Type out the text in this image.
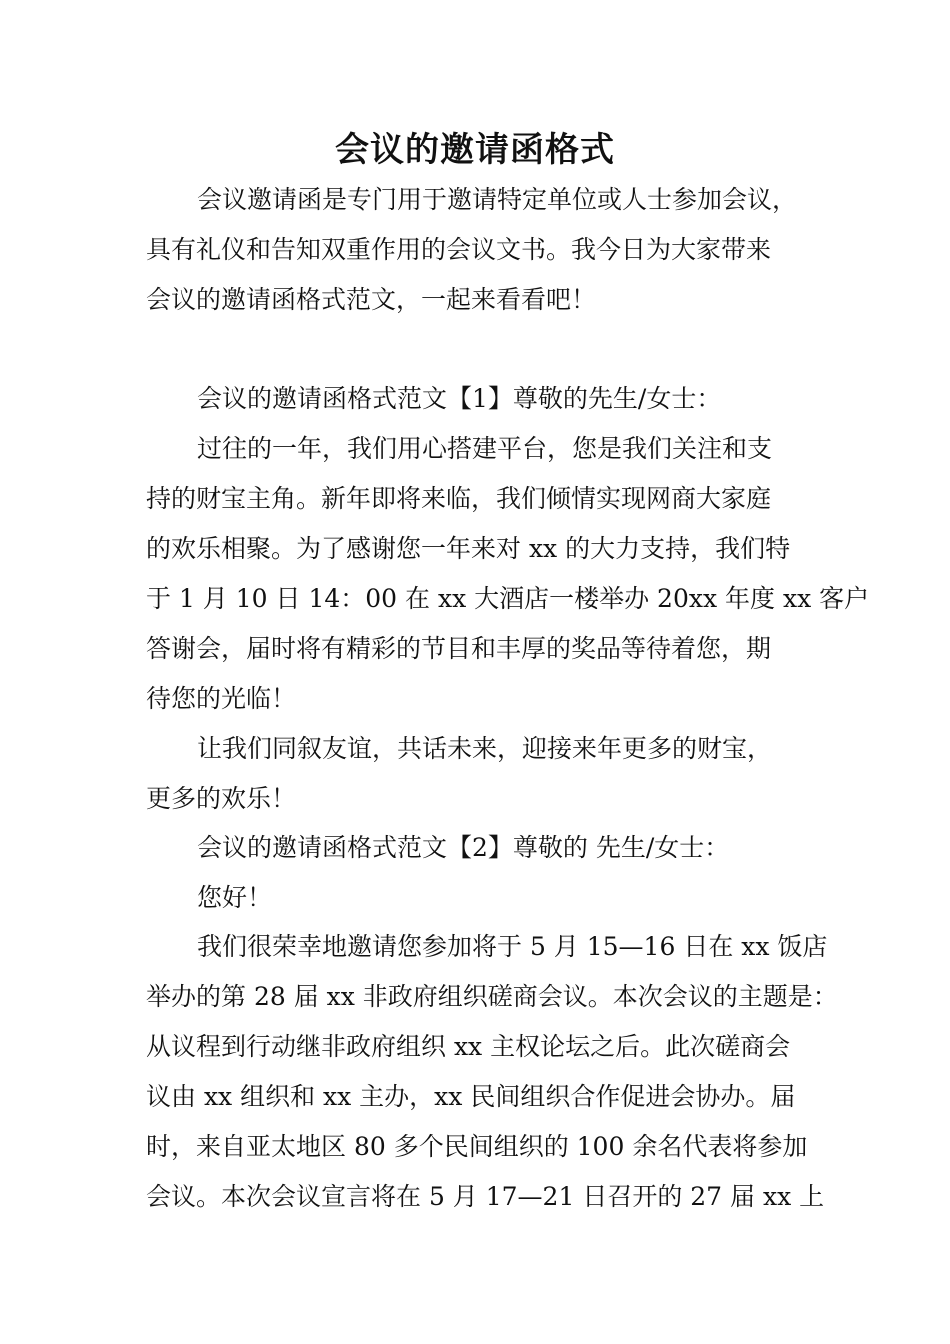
会议的邀请函格式
会议邀请函是专门用于邀请特定单位或人士参加会议，
具有礼仪和告知双重作用的会议文书。我今日为大家带来
会议的邀请函格式范文，一起来看看吧！
会议的邀请函格式范文【1】尊敬的先生/女士：
过往的一年，我们用心搭建平台，您是我们关注和支
持的财宝主角。新年即将来临，我们倾情实现网商大家庭
的欢乐相聚。为了感谢您一年来对 xx 的大力支持，我们特
于 1 月 10 日 14：00 在 xx 大酒店一楼举办 20xx 年度 xx 客户
答谢会，届时将有精彩的节目和丰厚的奖品等待着您，期
待您的光临！
让我们同叙友谊，共话未来，迎接来年更多的财宝，
更多的欢乐！
会议的邀请函格式范文【2】尊敬的 先生/女士：
您好！
我们很荣幸地邀请您参加将于 5 月 15—16 日在 xx 饭店
举办的第 28 届 xx 非政府组织磋商会议。本次会议的主题是：
从议程到行动继非政府组织 xx 主权论坛之后。此次磋商会
议由 xx 组织和 xx 主办，xx 民间组织合作促进会协办。届
时，来自亚太地区 80 多个民间组织的 100 余名代表将参加
会议。本次会议宣言将在 5 月 17—21 日召开的 27 届 xx 上
